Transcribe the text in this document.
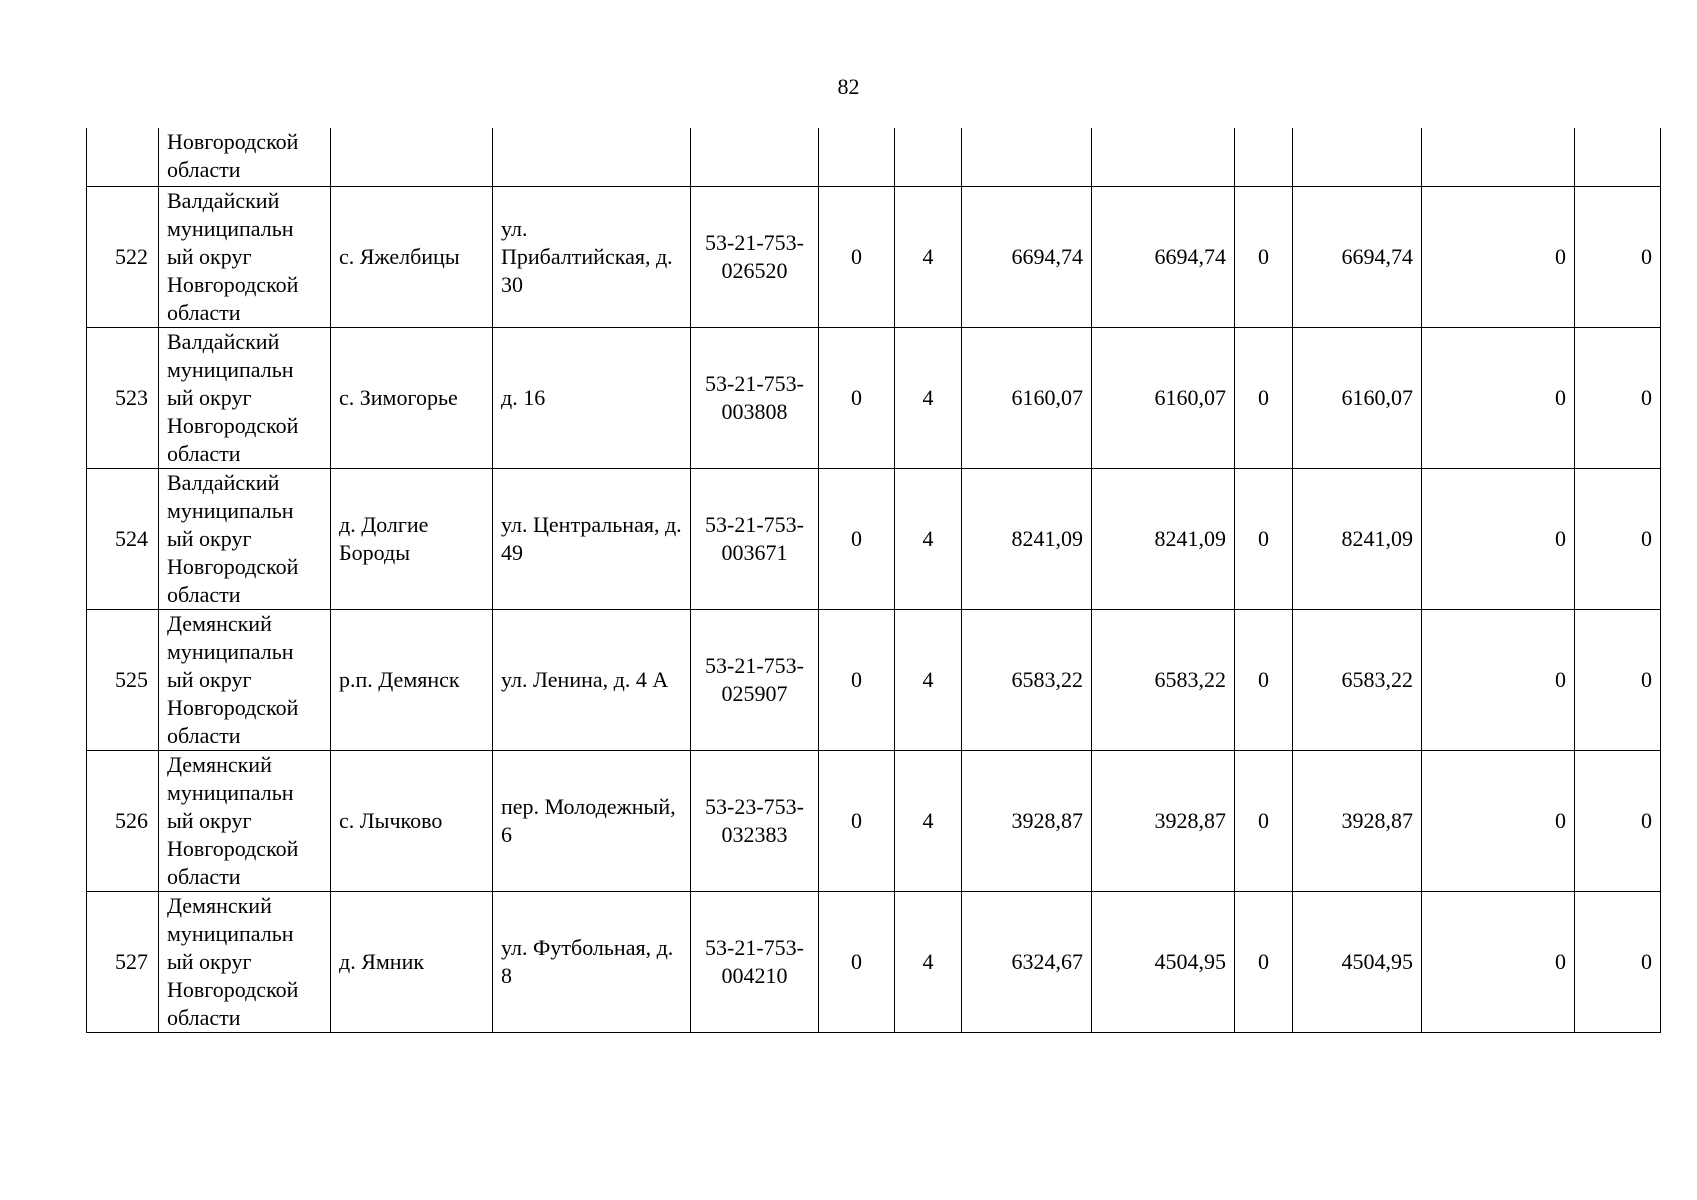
82
	Новгородской области											
522	Валдайский муниципальн ый округ Новгородской области	с. Яжелбицы	ул. Прибалтийская, д. 30	53-21-753-026520	0	4	6694,74	6694,74	0	6694,74	0	0
523	Валдайский муниципальн ый округ Новгородской области	с. Зимогорье	д. 16	53-21-753-003808	0	4	6160,07	6160,07	0	6160,07	0	0
524	Валдайский муниципальн ый округ Новгородской области	д. Долгие Бороды	ул. Центральная, д. 49	53-21-753-003671	0	4	8241,09	8241,09	0	8241,09	0	0
525	Демянский муниципальн ый округ Новгородской области	р.п. Демянск	ул. Ленина, д. 4 А	53-21-753-025907	0	4	6583,22	6583,22	0	6583,22	0	0
526	Демянский муниципальн ый округ Новгородской области	с. Лычково	пер. Молодежный, 6	53-23-753-032383	0	4	3928,87	3928,87	0	3928,87	0	0
527	Демянский муниципальн ый округ Новгородской области	д. Ямник	ул. Футбольная, д. 8	53-21-753-004210	0	4	6324,67	4504,95	0	4504,95	0	0
